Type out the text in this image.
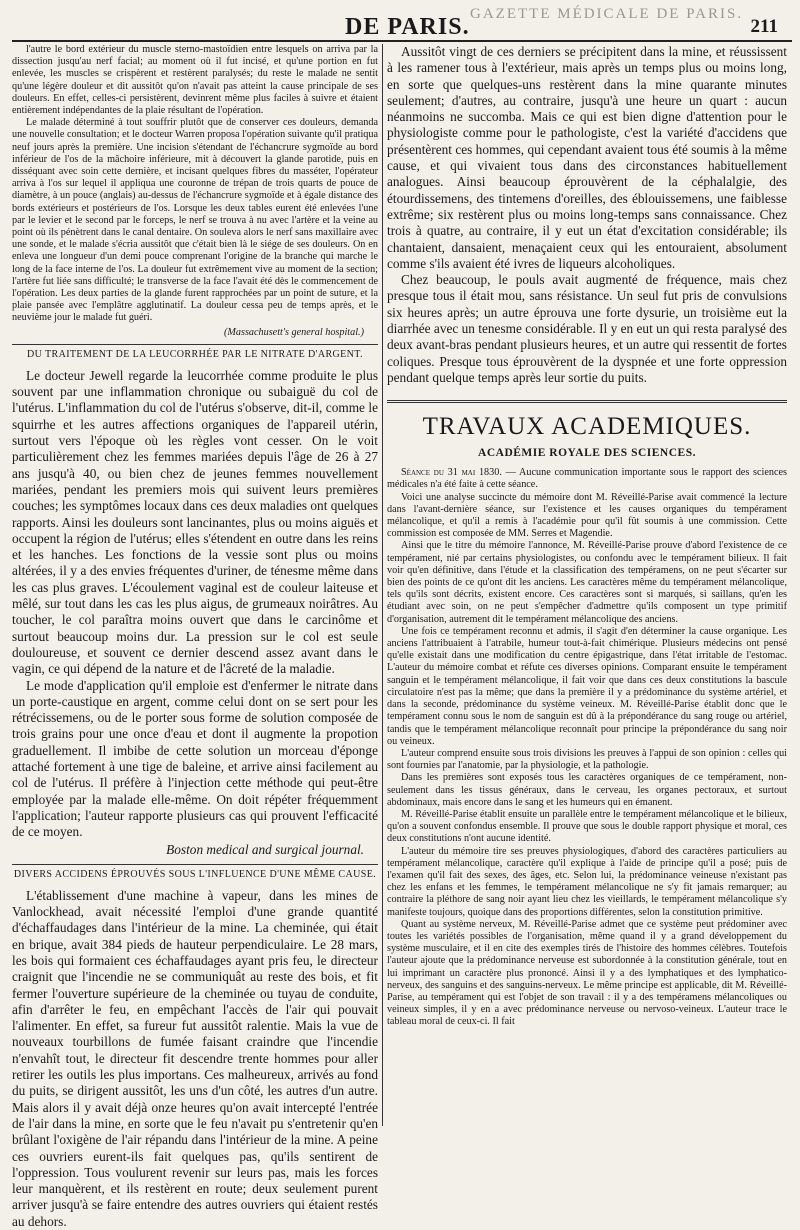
DE PARIS. GAZETTE MÉDICALE DE PARIS.
211

l'autre le bord extérieur du muscle sterno-mastoïdien entre lesquels on arriva par la dissection jusqu'au nerf facial; au moment où il fut incisé, et qu'une portion en fut enlevée, les muscles se crispèrent et restèrent paralysés; du reste le malade ne sentit qu'une légère douleur et dit aussitôt qu'on n'avait pas atteint la cause principale de ses douleurs. En effet, celles-ci persistèrent, devinrent même plus faciles à suivre et étaient entièrement indépendantes de la plaie résultant de l'opération.

Le malade déterminé à tout souffrir plutôt que de conserver ces douleurs, demanda une nouvelle consultation; et le docteur Warren proposa l'opération suivante qu'il pratiqua neuf jours après la première. Une incision s'étendant de l'échancrure sygmoïde au bord inférieur de l'os de la mâchoire inférieure, mit à découvert la glande parotide, puis en disséquant avec soin cette dernière, et incisant quelques fibres du masséter, l'opérateur arriva à l'os sur lequel il appliqua une couronne de trépan de trois quarts de pouce de diamètre, à un pouce (anglais) au-dessus de l'échancrure sygmoïde et à égale distance des bords extérieurs et postérieurs de l'os. Lorsque les deux tables eurent été enlevées l'une par le levier et le second par le forceps, le nerf se trouva à nu avec l'artère et la veine au point où ils pénètrent dans le canal dentaire. On souleva alors le nerf sans maxillaire avec une sonde, et le malade s'écria aussitôt que c'était bien là le siége de ses douleurs. On en enleva une longueur d'un demi pouce comprenant l'origine de la branche qui marche le long de la face interne de l'os. La douleur fut extrêmement vive au moment de la section; l'artère fut liée sans difficulté; le transverse de la face l'avait été dès le commencement de l'opération. Les deux parties de la glande furent rapprochées par un point de suture, et la plaie pansée avec l'emplâtre agglutinatif. La douleur cessa peu de temps après, et le neuvième jour le malade fut guéri.

(Massachusett's general hospital.)
DU TRAITEMENT DE LA LEUCORRHÉE PAR LE NITRATE D'ARGENT.

Le docteur Jewell regarde la leucorrhée comme produite le plus souvent par une inflammation chronique ou subaiguë du col de l'utérus. L'inflammation du col de l'utérus s'observe, dit-il, comme le squirrhe et les autres affections organiques de l'appareil utérin, surtout vers l'époque où les règles vont cesser. On le voit particulièrement chez les femmes mariées depuis l'âge de 26 à 27 ans jusqu'à 40, ou bien chez de jeunes femmes nouvellement mariées, pendant les premiers mois qui suivent leurs premières couches; les symptômes locaux dans ces deux maladies ont quelques rapports. Ainsi les douleurs sont lancinantes, plus ou moins aiguës et occupent la région de l'utérus; elles s'étendent en outre dans les reins et les hanches. Les fonctions de la vessie sont plus ou moins altérées, il y a des envies fréquentes d'uriner, de ténesme même dans les cas plus graves. L'écoulement vaginal est de couleur laiteuse et mêlé, sur tout dans les cas les plus aigus, de grumeaux noirâtres. Au toucher, le col paraîtra moins ouvert que dans le carcinôme et surtout beaucoup moins dur. La pression sur le col est seule douloureuse, et souvent ce dernier descend assez avant dans le vagin, ce qui dépend de la nature et de l'âcreté de la maladie.

Le mode d'application qu'il emploie est d'enfermer le nitrate dans un porte-caustique en argent, comme celui dont on se sert pour les rétrécissemens, ou de le porter sous forme de solution composée de trois grains pour une once d'eau et dont il augmente la propotion graduellement. Il imbibe de cette solution un morceau d'éponge attaché fortement à une tige de baleine, et arrive ainsi facilement au col de l'utérus. Il préfère à l'injection cette méthode qui peut-être employée par la malade elle-même. On doit répéter fréquemment l'application; l'auteur rapporte plusieurs cas qui prouvent l'efficacité de ce moyen.

Boston medical and surgical journal.
DIVERS ACCIDENS ÉPROUVÉS SOUS L'INFLUENCE D'UNE MÊME CAUSE.

L'établissement d'une machine à vapeur, dans les mines de Vanlockhead, avait nécessité l'emploi d'une grande quantité d'échaffaudages dans l'intérieur de la mine. La cheminée, qui était en brique, avait 384 pieds de hauteur perpendiculaire. Le 28 mars, les bois qui formaient ces échaffaudages ayant pris feu, le directeur craignit que l'incendie ne se communiquât au reste des bois, et fit fermer l'ouverture supérieure de la cheminée ou tuyau de conduite, afin d'arrêter le feu, en empêchant l'accès de l'air qui pouvait l'alimenter. En effet, sa fureur fut aussitôt ralentie. Mais la vue de nouveaux tourbillons de fumée faisant craindre que l'incendie n'envahît tout, le directeur fit descendre trente hommes pour aller retirer les outils les plus importans. Ces malheureux, arrivés au fond du puits, se dirigent aussitôt, les uns d'un côté, les autres d'un autre. Mais alors il y avait déjà onze heures qu'on avait intercepté l'entrée de l'air dans la mine, en sorte que le feu n'avait pu s'entretenir qu'en brûlant l'oxigène de l'air répandu dans l'intérieur de la mine. A peine ces ouvriers eurent-ils fait quelques pas, qu'ils sentirent de l'oppression. Tous voulurent revenir sur leurs pas, mais les forces leur manquèrent, et ils restèrent en route; deux seulement purent arriver jusqu'à se faire entendre des autres ouvriers qui étaient restés au dehors.

Aussitôt vingt de ces derniers se précipitent dans la mine, et réussissent à les ramener tous à l'extérieur, mais après un temps plus ou moins long, en sorte que quelques-uns restèrent dans la mine quarante minutes seulement; d'autres, au contraire, jusqu'à une heure un quart : aucun néanmoins ne succomba. Mais ce qui est bien digne d'attention pour le physiologiste comme pour le pathologiste, c'est la variété d'accidens que présentèrent ces hommes, qui cependant avaient tous été soumis à la même cause, et qui vivaient tous dans des circonstances habituellement analogues. Ainsi beaucoup éprouvèrent de la céphalalgie, des étourdissemens, des tintemens d'oreilles, des éblouissemens, une faiblesse extrême; six restèrent plus ou moins long-temps sans connaissance. Chez trois à quatre, au contraire, il y eut un état d'excitation considérable; ils chantaient, dansaient, menaçaient ceux qui les entouraient, absolument comme s'ils avaient été ivres de liqueurs alcoholiques.

Chez beaucoup, le pouls avait augmenté de fréquence, mais chez presque tous il était mou, sans résistance. Un seul fut pris de convulsions six heures après; un autre éprouva une forte dysurie, un troisième eut la diarrhée avec un tenesme considérable. Il y en eut un qui resta paralysé des deux avant-bras pendant plusieurs heures, et un autre qui ressentit de fortes coliques. Presque tous éprouvèrent de la dyspnée et une forte oppression pendant quelque temps après leur sortie du puits.

TRAVAUX ACADEMIQUES.
ACADÉMIE ROYALE DES SCIENCES.

Séance du 31 mai 1830. — Aucune communication importante sous le rapport des sciences médicales n'a été faite à cette séance.

Voici une analyse succincte du mémoire dont M. Réveillé-Parise avait commencé la lecture dans l'avant-dernière séance, sur l'existence et les causes organiques du tempérament mélancolique, et qu'il a remis à l'académie pour qu'il fût soumis à une commission. Cette commission est composée de MM. Serres et Magendie.

Ainsi que le titre du mémoire l'annonce, M. Réveillé-Parise prouve d'abord l'existence de ce tempérament, nié par certains physiologistes, ou confondu avec le tempérament bilieux. Il fait voir qu'en définitive, dans l'étude et la classification des tempéramens, on ne peut s'écarter sur bien des points de ce qu'ont dit les anciens. Les caractères même du tempérament mélancolique, tels qu'ils sont décrits, existent encore. Ces caractères sont si marqués, si saillans, qu'en les étudiant avec soin, on ne peut s'empêcher d'admettre qu'ils composent un type primitif d'organisation, autrement dit le tempérament mélancolique des anciens.

Une fois ce tempérament reconnu et admis, il s'agit d'en déterminer la cause organique. Les anciens l'attribuaient à l'atrabile, humeur tout-à-fait chimérique. Plusieurs médecins ont pensé qu'elle existait dans une modification du centre épigastrique, dans l'état irritable de l'estomac. L'auteur du mémoire combat et réfute ces diverses opinions. Comparant ensuite le tempérament sanguin et le tempérament mélancolique, il fait voir que dans ces deux constitutions la bascule circulatoire n'est pas la même; que dans la première il y a prédominance du système artériel, et dans la seconde, prédominance du système veineux. M. Réveillé-Parise établit donc que le tempérament connu sous le nom de sanguin est dû à la prépondérance du sang rouge ou artériel, tandis que le tempérament mélancolique reconnaît pour principe la prépondérance du sang noir ou veineux.

L'auteur comprend ensuite sous trois divisions les preuves à l'appui de son opinion : celles qui sont fournies par l'anatomie, par la physiologie, et la pathologie.

Dans les premières sont exposés tous les caractères organiques de ce tempérament, non-seulement dans les tissus généraux, dans le cerveau, les organes pectoraux, et surtout abdominaux, mais encore dans le sang et les humeurs qui en émanent.

M. Réveillé-Parise établit ensuite un parallèle entre le tempérament mélancolique et le bilieux, qu'on a souvent confondus ensemble. Il prouve que sous le double rapport physique et moral, ces deux constitutions n'ont aucune identité.

L'auteur du mémoire tire ses preuves physiologiques, d'abord des caractères particuliers au tempérament mélancolique, caractère qu'il explique à l'aide de principe qu'il a posé; puis de l'examen qu'il fait des sexes, des âges, etc. Selon lui, la prédominance veineuse n'existant pas chez les enfans et les femmes, le tempérament mélancolique ne s'y fit jamais remarquer; au contraire la pléthore de sang noir ayant lieu chez les vieillards, le tempérament mélancolique s'y manifeste toujours, quoique dans des proportions différentes, selon la constitution primitive.

Quant au système nerveux, M. Réveillé-Parise admet que ce système peut prédominer avec toutes les variétés possibles de l'organisation, même quand il y a grand développement du système musculaire, et il en cite des exemples tirés de l'histoire des hommes célèbres. Toutefois l'auteur ajoute que la prédominance nerveuse est subordonnée à la constitution générale, tout en lui imprimant un caractère plus prononcé. Ainsi il y a des lymphatiques et des lymphatico-nerveux, des sanguins et des sanguins-nerveux. Le même principe est applicable, dit M. Réveillé-Parise, au tempérament qui est l'objet de son travail : il y a des tempéramens mélancoliques ou veineux simples, il y en a avec prédominance nerveuse ou nervoso-veineux. L'auteur trace le tableau moral de ceux-ci. Il fait
